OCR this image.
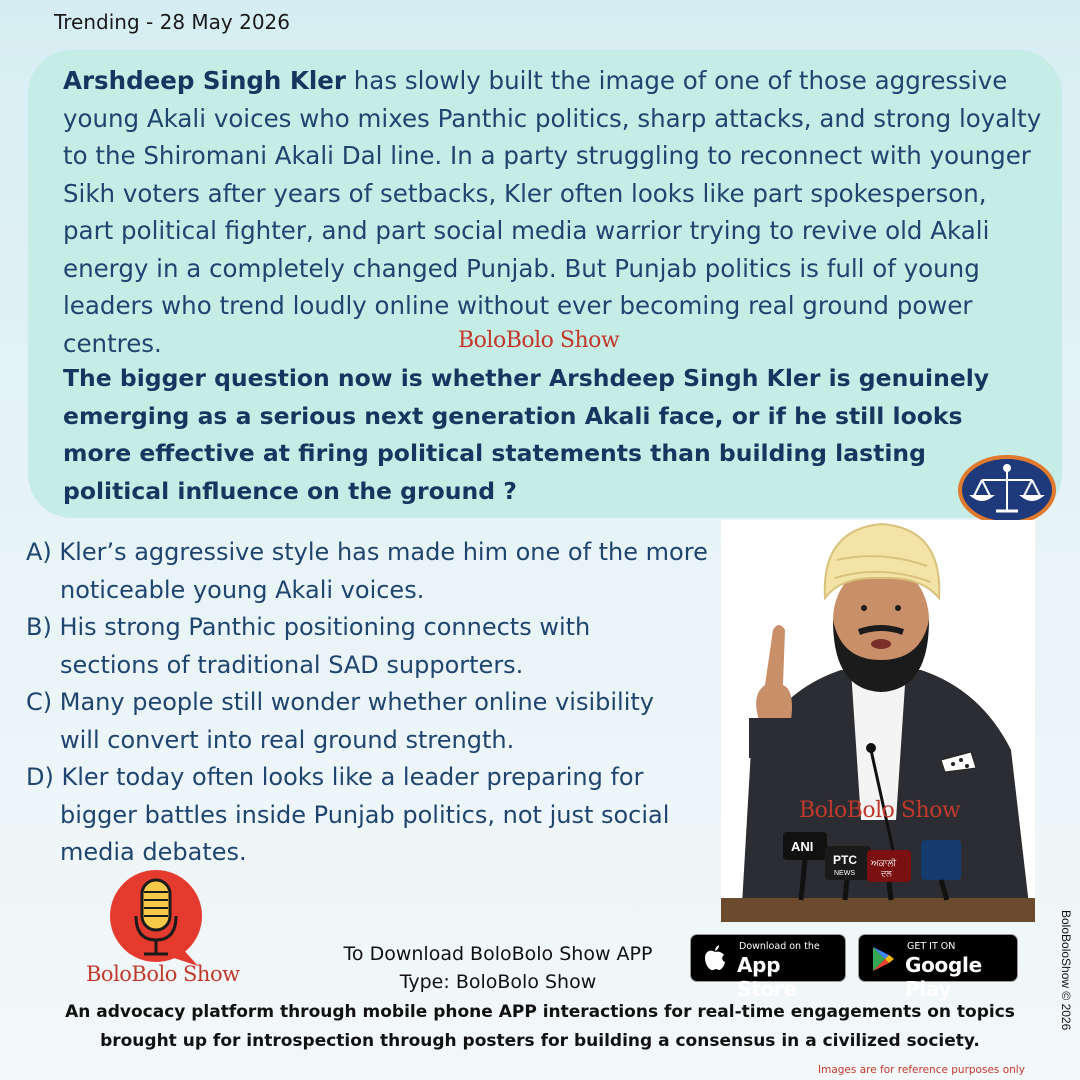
Trending - 28 May 2026

Arshdeep Singh Kler has slowly built the image of one of those aggressive young Akali voices who mixes Panthic politics, sharp attacks, and strong loyalty to the Shiromani Akali Dal line. In a party struggling to reconnect with younger Sikh voters after years of setbacks, Kler often looks like part spokesperson, part political fighter, and part social media warrior trying to revive old Akali energy in a completely changed Punjab. But Punjab politics is full of young leaders who trend loudly online without ever becoming real ground power centres.	BoloBolo Show

The bigger question now is whether Arshdeep Singh Kler is genuinely emerging as a serious next generation Akali face, or if he still looks more effective at firing political statements than building lasting political influence on the ground ?

A) Kler’s aggressive style has made him one of the more
noticeable young Akali voices.
B) His strong Panthic positioning connects with
sections of traditional SAD supporters.
C) Many people still wonder whether online visibility
will convert into real ground strength.
D) Kler today often looks like a leader preparing for
bigger battles inside Punjab politics, not just social media debates.	ANI
PTC
NEWS
ਅਕਾਲੀ
ਦਲ
BoloBolo Show
BoloBolo Show
To Download BoloBolo Show APP
Type: BoloBolo Show
Download on the
App Store
GET IT ON
Google Play
An advocacy platform through mobile phone APP interactions for real-time engagements on topics
brought up for introspection through posters for building a consensus in a civilized society.
BoloBoloShow © 2026
Images are for reference purposes only
